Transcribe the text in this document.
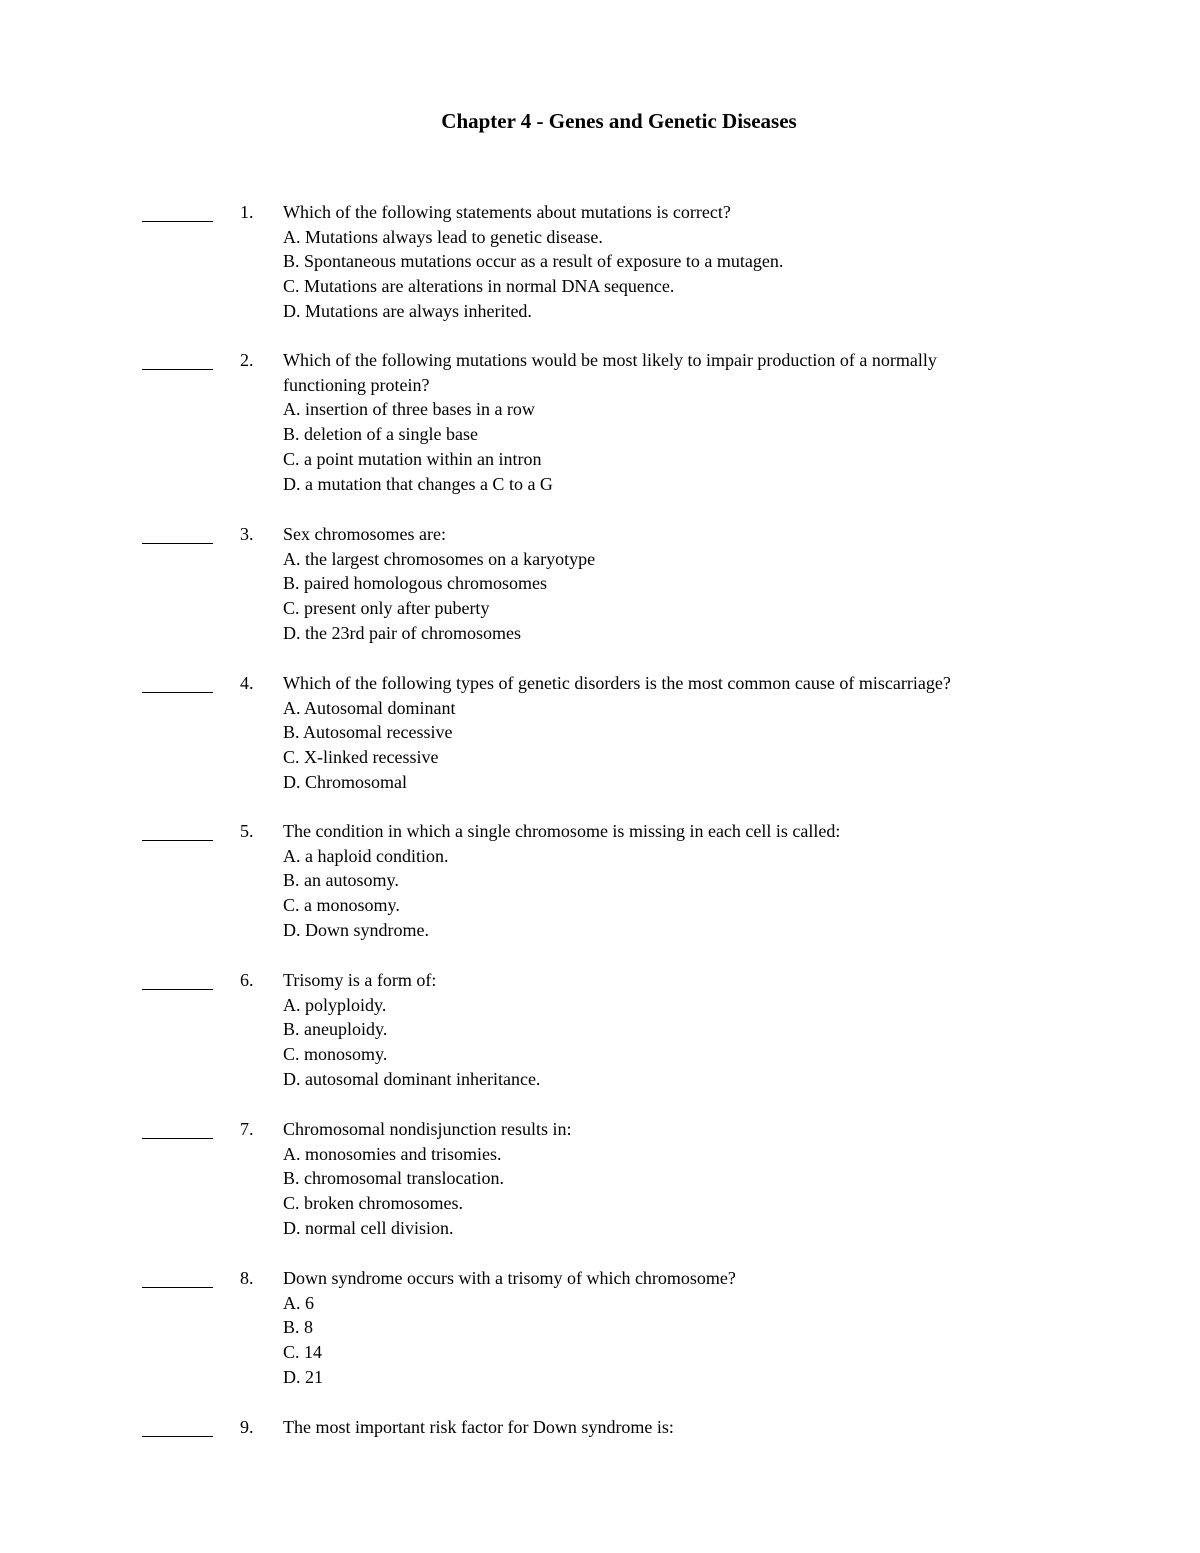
Chapter 4 - Genes and Genetic Diseases
1. Which of the following statements about mutations is correct?
A. Mutations always lead to genetic disease.
B. Spontaneous mutations occur as a result of exposure to a mutagen.
C. Mutations are alterations in normal DNA sequence.
D. Mutations are always inherited.
2. Which of the following mutations would be most likely to impair production of a normally
functioning protein?
A. insertion of three bases in a row
B. deletion of a single base
C. a point mutation within an intron
D. a mutation that changes a C to a G
3. Sex chromosomes are:
A. the largest chromosomes on a karyotype
B. paired homologous chromosomes
C. present only after puberty
D. the 23rd pair of chromosomes
4. Which of the following types of genetic disorders is the most common cause of miscarriage?
A. Autosomal dominant
B. Autosomal recessive
C. X-linked recessive
D. Chromosomal
5. The condition in which a single chromosome is missing in each cell is called:
A. a haploid condition.
B. an autosomy.
C. a monosomy.
D. Down syndrome.
6. Trisomy is a form of:
A. polyploidy.
B. aneuploidy.
C. monosomy.
D. autosomal dominant inheritance.
7. Chromosomal nondisjunction results in:
A. monosomies and trisomies.
B. chromosomal translocation.
C. broken chromosomes.
D. normal cell division.
8. Down syndrome occurs with a trisomy of which chromosome?
A. 6
B. 8
C. 14
D. 21
9. The most important risk factor for Down syndrome is:
